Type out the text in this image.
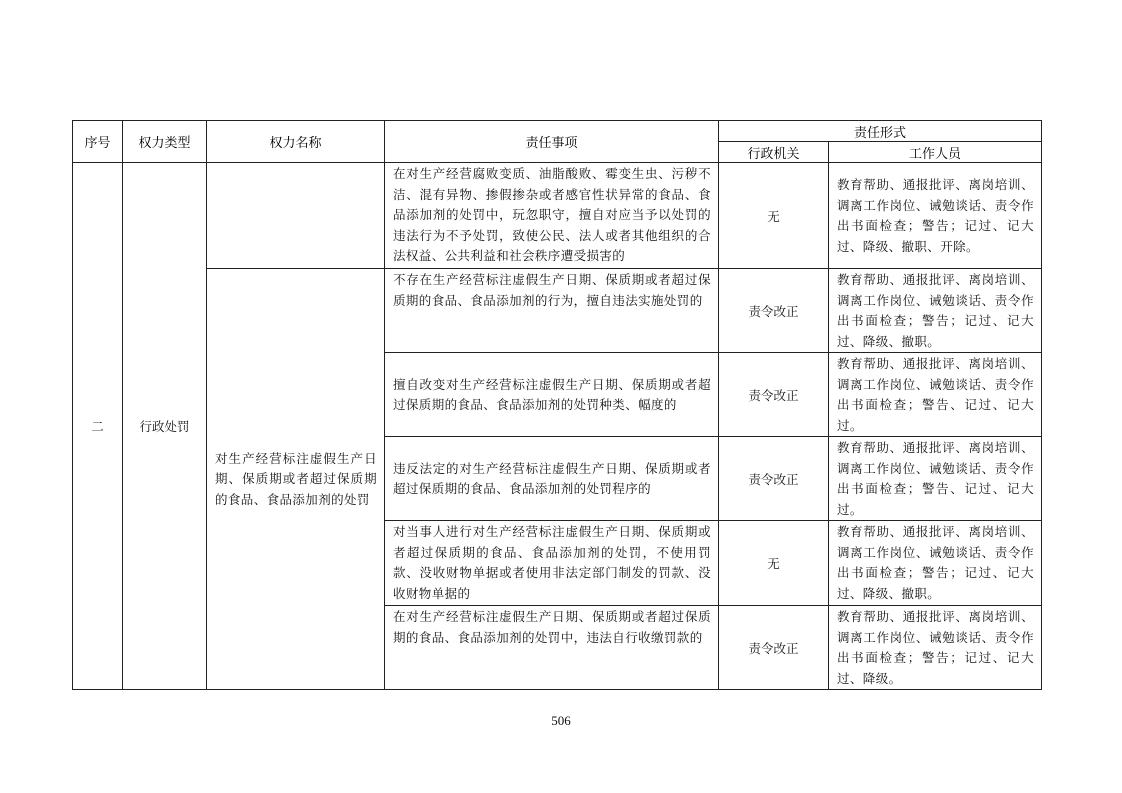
序号	权力类型	权力名称	责任事项	责任形式	
				行政机关	工作人员
二	行政处罚		在对生产经营腐败变质、油脂酸败、霉变生虫、污秽不洁、混有异物、掺假掺杂或者感官性状异常的食品、食品添加剂的处罚中，玩忽职守，擅自对应当予以处罚的违法行为不予处罚，致使公民、法人或者其他组织的合法权益、公共利益和社会秩序遭受损害的	无	教育帮助、通报批评、离岗培训、调离工作岗位、诫勉谈话、责令作出书面检查；警告；记过、记大过、降级、撤职、开除。
		对生产经营标注虚假生产日期、保质期或者超过保质期的食品、食品添加剂的处罚	不存在生产经营标注虚假生产日期、保质期或者超过保质期的食品、食品添加剂的行为，擅自违法实施处罚的	责令改正	教育帮助、通报批评、离岗培训、调离工作岗位、诫勉谈话、责令作出书面检查；警告；记过、记大过、降级、撤职。
			擅自改变对生产经营标注虚假生产日期、保质期或者超过保质期的食品、食品添加剂的处罚种类、幅度的	责令改正	教育帮助、通报批评、离岗培训、调离工作岗位、诫勉谈话、责令作出书面检查；警告、记过、记大过。
			违反法定的对生产经营标注虚假生产日期、保质期或者超过保质期的食品、食品添加剂的处罚程序的	责令改正	教育帮助、通报批评、离岗培训、调离工作岗位、诫勉谈话、责令作出书面检查；警告、记过、记大过。
			对当事人进行对生产经营标注虚假生产日期、保质期或者超过保质期的食品、食品添加剂的处罚，不使用罚款、没收财物单据或者使用非法定部门制发的罚款、没收财物单据的	无	教育帮助、通报批评、离岗培训、调离工作岗位、诫勉谈话、责令作出书面检查；警告；记过、记大过、降级、撤职。
			在对生产经营标注虚假生产日期、保质期或者超过保质期的食品、食品添加剂的处罚中，违法自行收缴罚款的	责令改正	教育帮助、通报批评、离岗培训、调离工作岗位、诫勉谈话、责令作出书面检查；警告；记过、记大过、降级。
506
